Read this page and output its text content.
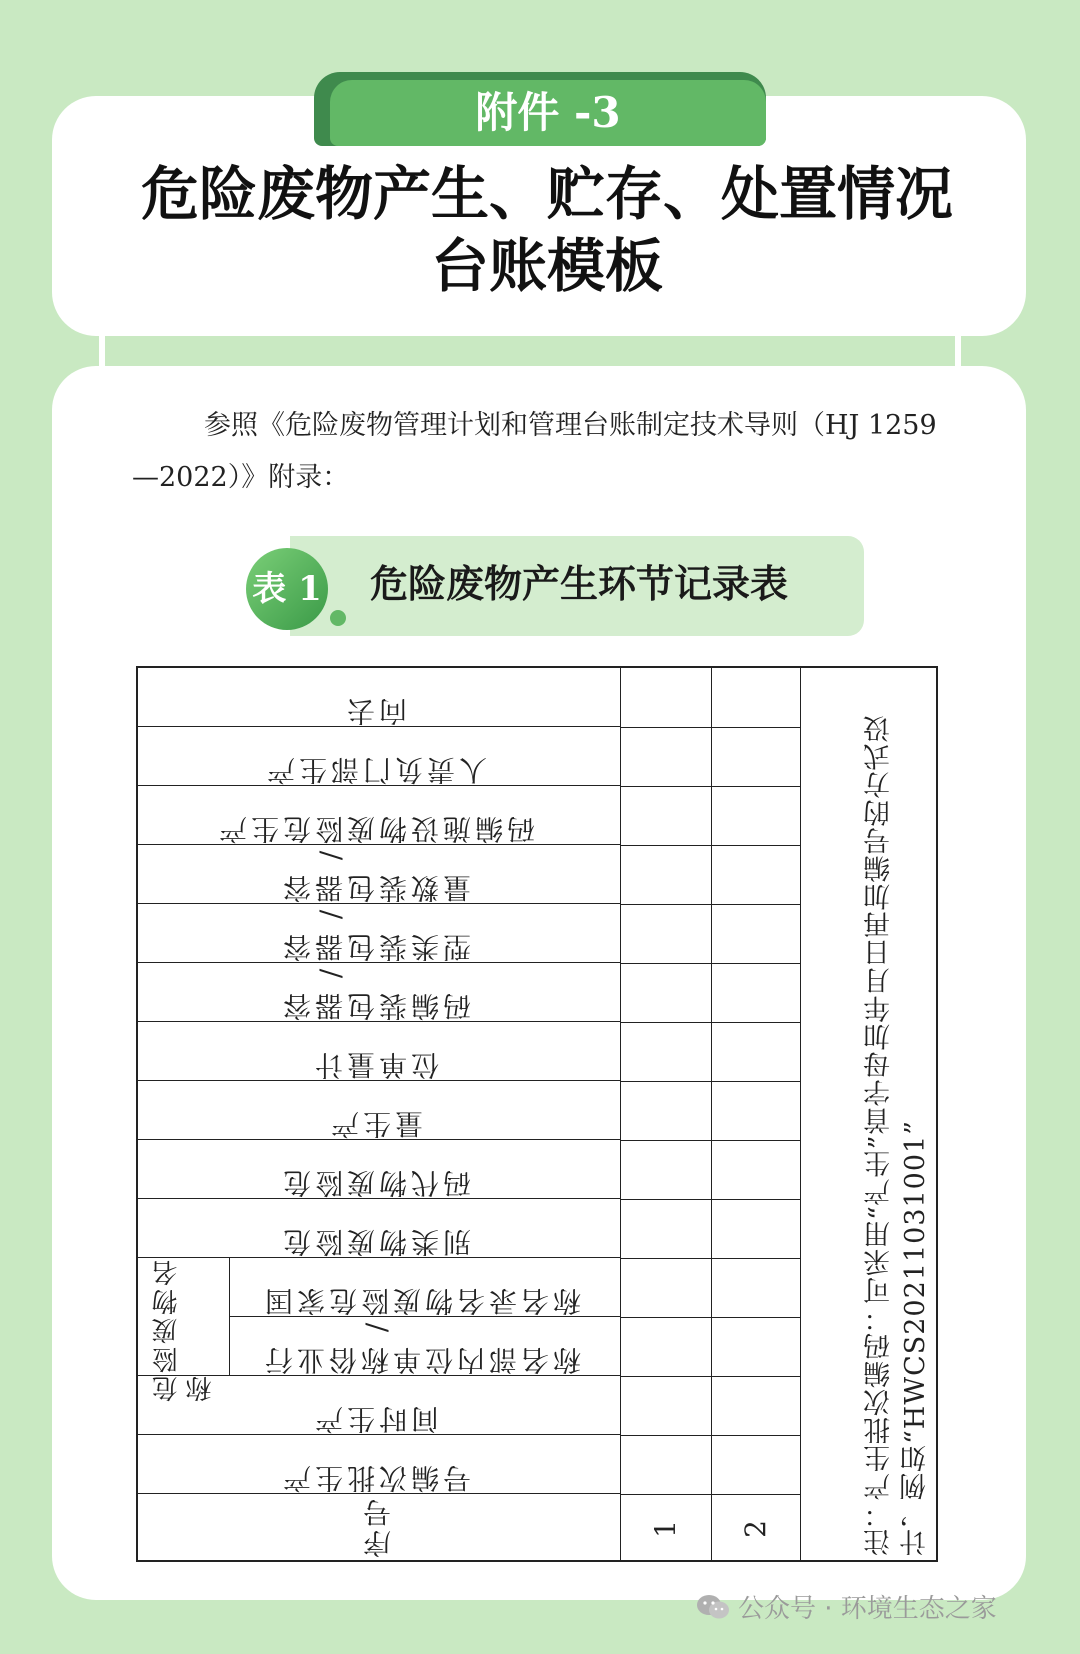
附件 -3
危险废物产生、贮存、处置情况
台账模板
参照《危险废物管理计划和管理台账制定技术导则（HJ 1259—2022）》附录：
表 1 危险废物产生环节记录表
去向
产生部门负责人
产生危险废物设施编码
容器 / 包装数量
容器 / 包装类型
容器 / 包装编码
计量单位
产生量
危险废物代码
危险废物类别
危险废物名称
国家危险废物名录名称
行业俗称 / 单位内部名称
产生时间
产生批次编号
序号	1 2	注：产生批次编码：可采用“产生”首字母加年月日再加编号的方式设计，例如“HWCS20211031001”
公众号 · 环境生态之家
